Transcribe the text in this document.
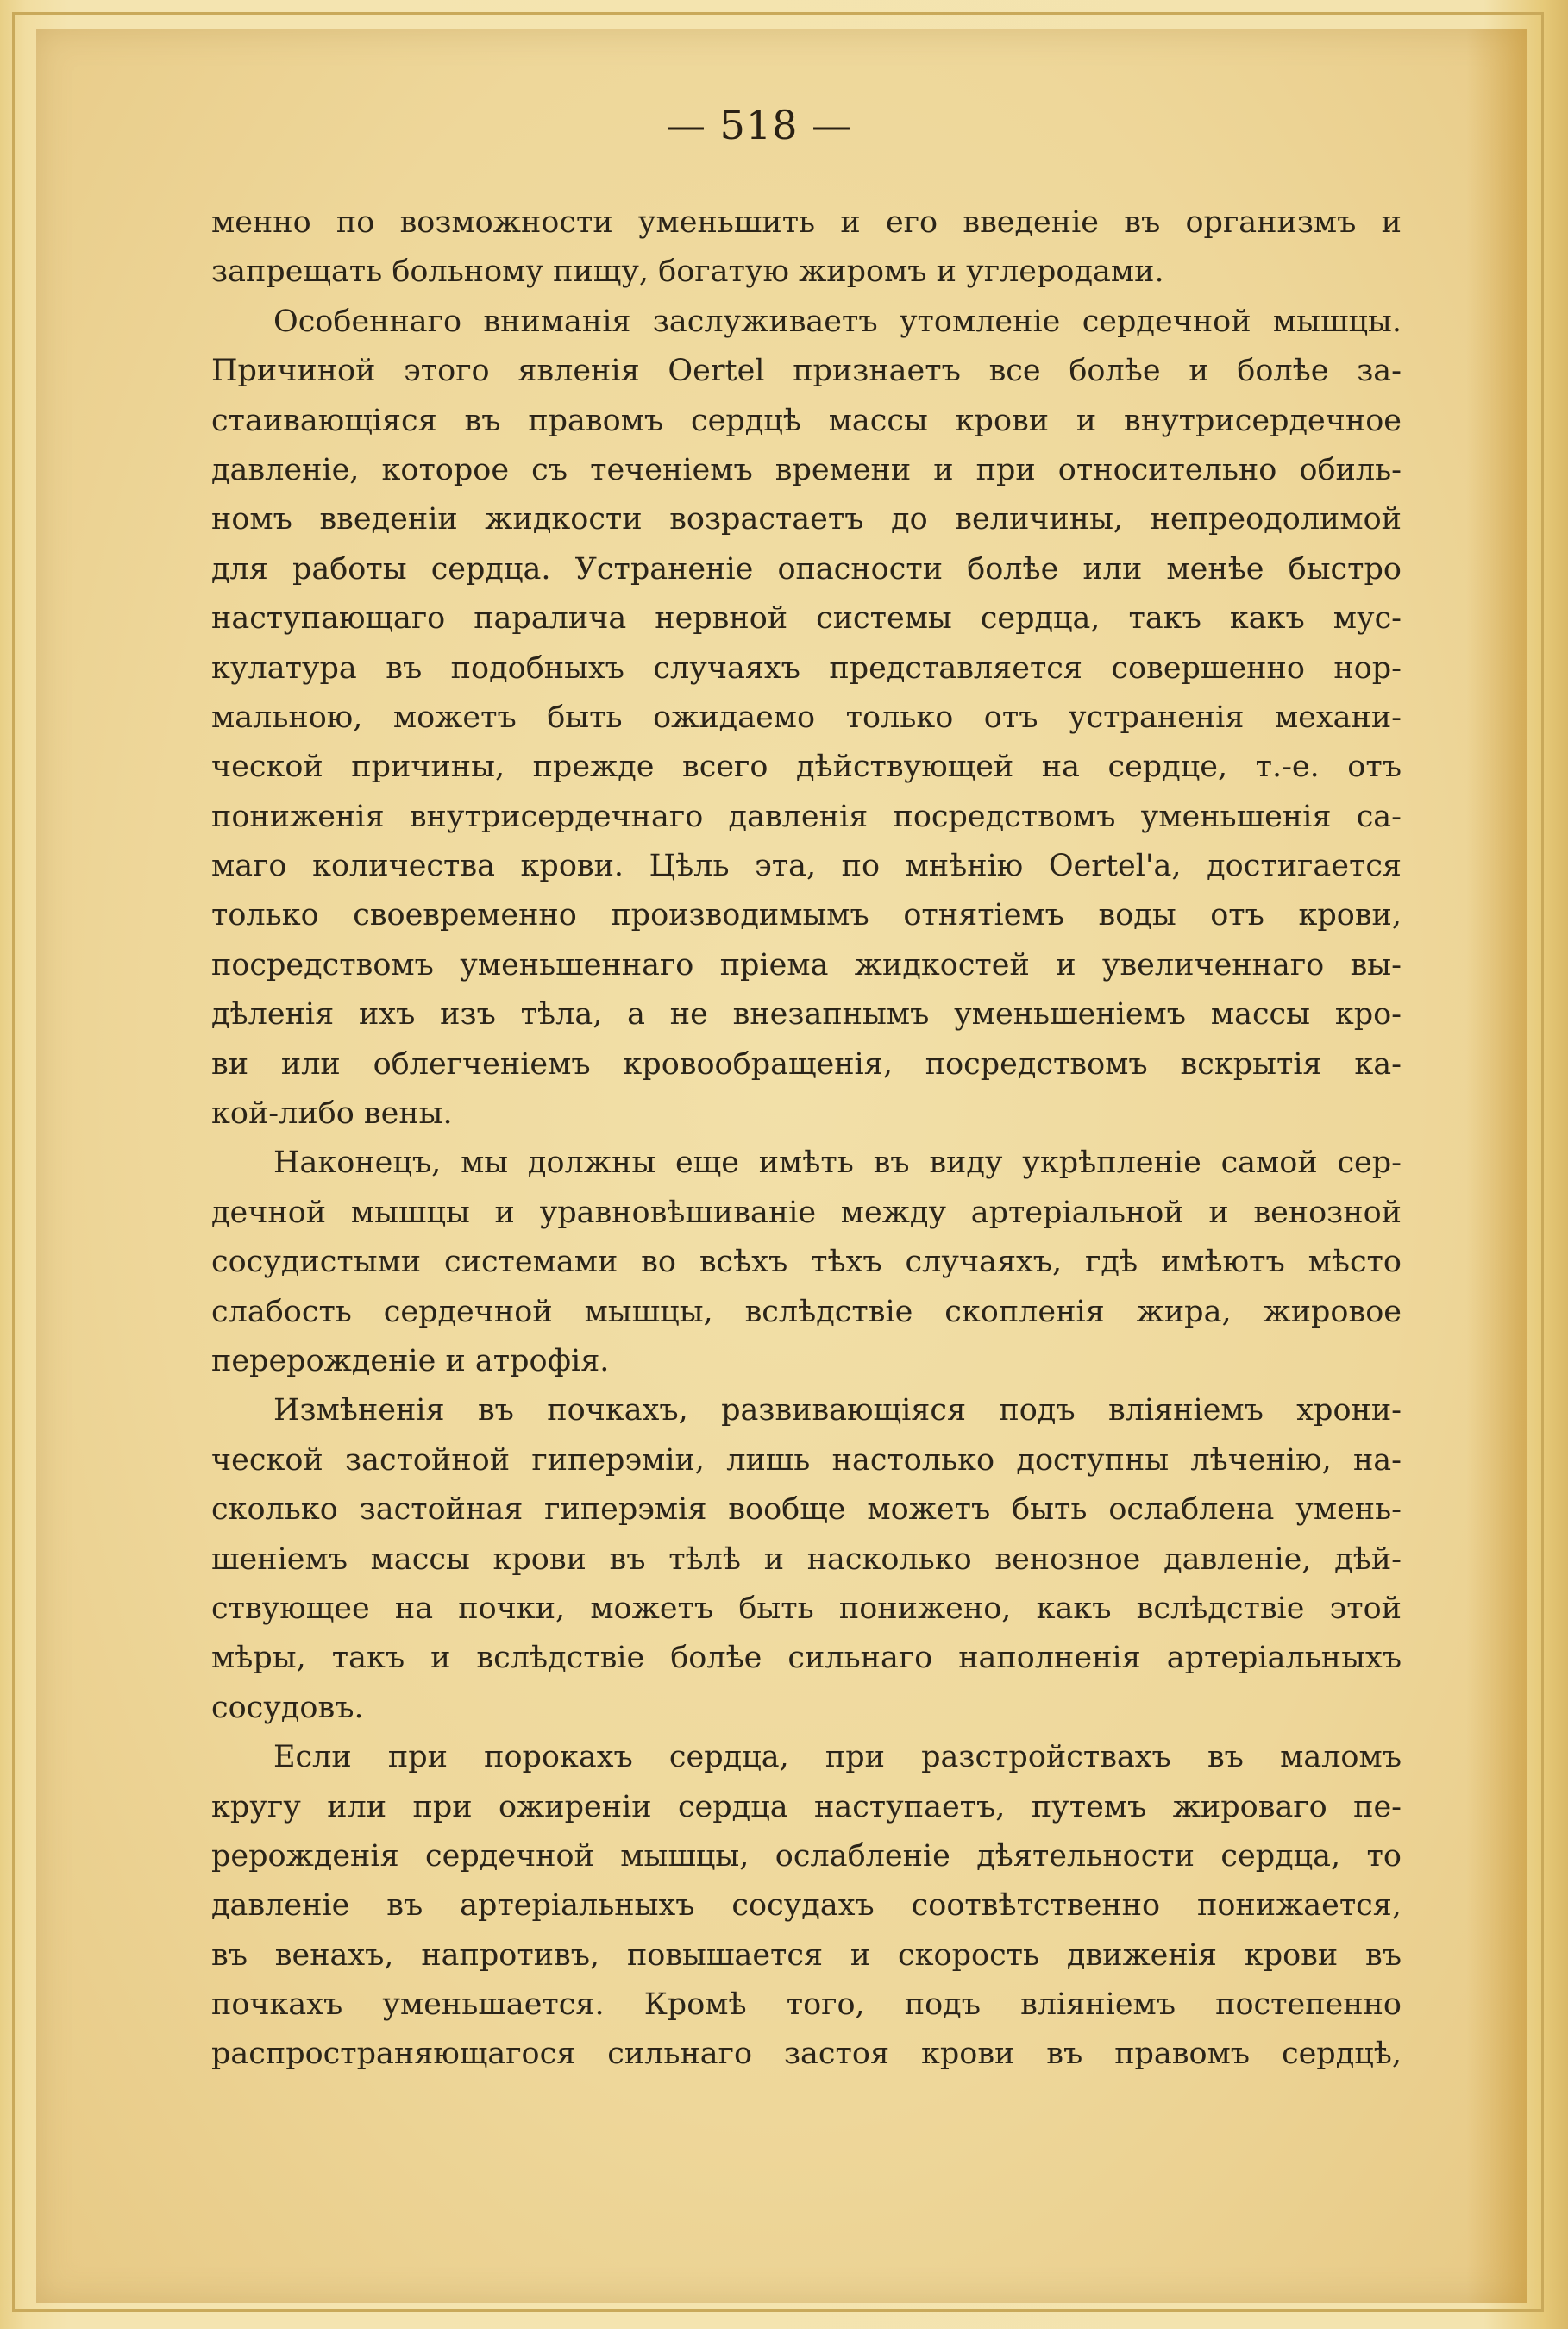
— 518 —
менно по возможности уменьшить и его введеніе въ организмъ и
запрещать больному пищу, богатую жиромъ и углеродами.
Особеннаго вниманія заслуживаетъ утомленіе сердечной мышцы.
Причиной этого явленія Oertel признаетъ все болѣе и болѣе за-
стаивающіяся въ правомъ сердцѣ массы крови и внутрисердечное
давленіе, которое съ теченіемъ времени и при относительно обиль-
номъ введеніи жидкости возрастаетъ до величины, непреодолимой
для работы сердца. Устраненіе опасности болѣе или менѣе быстро
наступающаго паралича нервной системы сердца, такъ какъ мус-
кулатура въ подобныхъ случаяхъ представляется совершенно нор-
мальною, можетъ быть ожидаемо только отъ устраненія механи-
ческой причины, прежде всего дѣйствующей на сердце, т.-е. отъ
пониженія внутрисердечнаго давленія посредствомъ уменьшенія са-
маго количества крови. Цѣль эта, по мнѣнію Oertel'а, достигается
только своевременно производимымъ отнятіемъ воды отъ крови,
посредствомъ уменьшеннаго пріема жидкостей и увеличеннаго вы-
дѣленія ихъ изъ тѣла, а не внезапнымъ уменьшеніемъ массы кро-
ви или облегченіемъ кровообращенія, посредствомъ вскрытія ка-
кой-либо вены.
Наконецъ, мы должны еще имѣть въ виду укрѣпленіе самой сер-
дечной мышцы и уравновѣшиваніе между артеріальной и венозной
сосудистыми системами во всѣхъ тѣхъ случаяхъ, гдѣ имѣютъ мѣсто
слабость сердечной мышцы, вслѣдствіе скопленія жира, жировое
перерожденіе и атрофія.
Измѣненія въ почкахъ, развивающіяся подъ вліяніемъ хрони-
ческой застойной гиперэміи, лишь настолько доступны лѣченію, на-
сколько застойная гиперэмія вообще можетъ быть ослаблена умень-
шеніемъ массы крови въ тѣлѣ и насколько венозное давленіе, дѣй-
ствующее на почки, можетъ быть понижено, какъ вслѣдствіе этой
мѣры, такъ и вслѣдствіе болѣе сильнаго наполненія артеріальныхъ
сосудовъ.
Если при порокахъ сердца, при разстройствахъ въ маломъ
кругу или при ожиреніи сердца наступаетъ, путемъ жироваго пе-
рерожденія сердечной мышцы, ослабленіе дѣятельности сердца, то
давленіе въ артеріальныхъ сосудахъ соотвѣтственно понижается,
въ венахъ, напротивъ, повышается и скорость движенія крови въ
почкахъ уменьшается. Кромѣ того, подъ вліяніемъ постепенно
распространяющагося сильнаго застоя крови въ правомъ сердцѣ,
